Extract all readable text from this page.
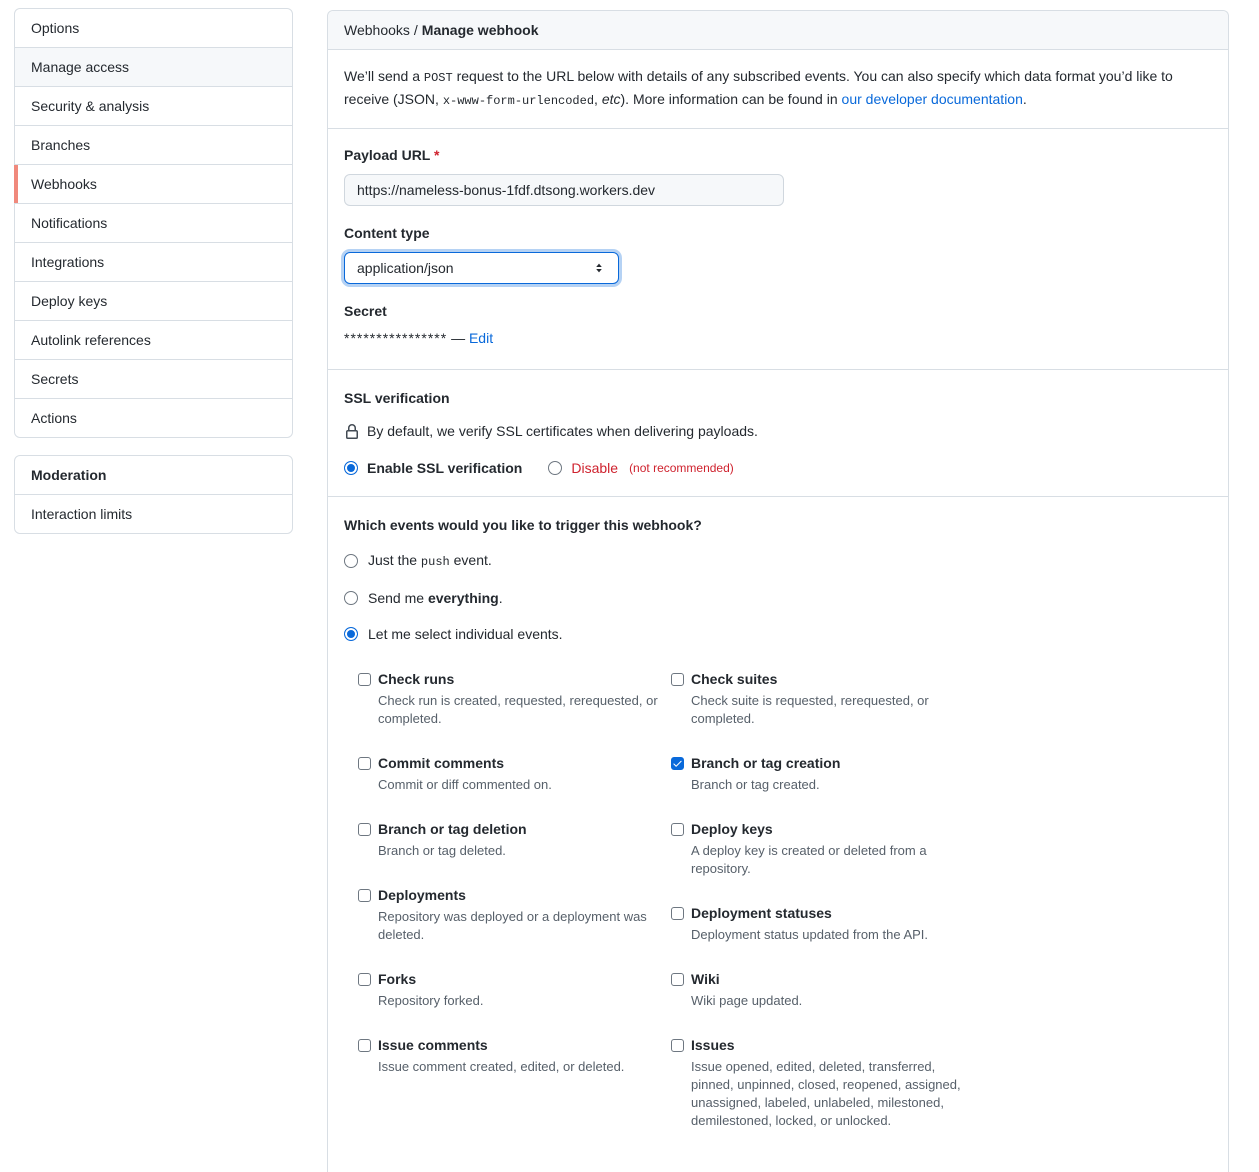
Options
Manage access
Security & analysis
Branches
Webhooks
Notifications
Integrations
Deploy keys
Autolink references
Secrets
Actions
Moderation
Interaction limits
Webhooks / Manage webhook
We’ll send a POST request to the URL below with details of any subscribed events. You can also specify which data format you’d like to receive (JSON, x-www-form-urlencoded, etc). More information can be found in our developer documentation.
Payload URL *
https://nameless-bonus-1fdf.dtsong.workers.dev
Content type
application/json
Secret
**************** — Edit
SSL verification
By default, we verify SSL certificates when delivering payloads.
Enable SSL verification	Disable (not recommended)
Which events would you like to trigger this webhook?
Just the push event.
Send me everything.
Let me select individual events.
Check runs

Check run is created, requested, rerequested, or completed.

Commit comments

Commit or diff commented on.

Branch or tag deletion

Branch or tag deleted.

Deployments

Repository was deployed or a deployment was deleted.

Forks

Repository forked.

Issue comments

Issue comment created, edited, or deleted.

Check suites

Check suite is requested, rerequested, or completed.

Branch or tag creation

Branch or tag created.

Deploy keys

A deploy key is created or deleted from a repository.

Deployment statuses

Deployment status updated from the API.

Wiki

Wiki page updated.

Issues

Issue opened, edited, deleted, transferred, pinned, unpinned, closed, reopened, assigned, unassigned, labeled, unlabeled, milestoned, demilestoned, locked, or unlocked.
